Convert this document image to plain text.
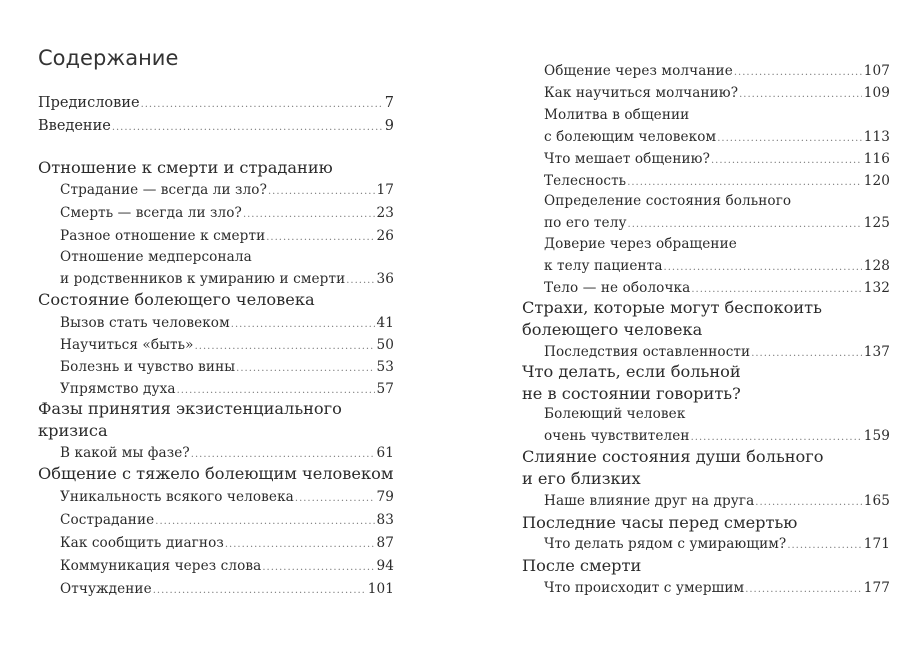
Содержание
Предисловие .....	7
Введение .....	9
Отношение к смерти и страданию
Страдание — всегда ли зло? .....	17
Смерть — всегда ли зло? .....	23
Разное отношение к смерти .....	26
Отношение медперсонала
и родственников к умиранию и смерти ..... 36
Состояние болеющего человека
Вызов стать человеком .....	41
Научиться «быть» .....	50
Болезнь и чувство вины .....	53
Упрямство духа .....	57
Фазы принятия экзистенциального
кризиса
В какой мы фазе? .....	61
Общение с тяжело болеющим человеком
Уникальность всякого человека .....	79
Сострадание .....	83
Как сообщить диагноз .....	87
Коммуникация через слова .....	94
Отчуждение .....	101
Общение через молчание .....	107
Как научиться молчанию? .....	109
Молитва в общении
с болеющим человеком .....	113
Что мешает общению? .....	116
Телесность .....	120
Определение состояния больного
по его телу .....	125
Доверие через обращение
к телу пациента .....	128
Тело — не оболочка .....	132
Страхи, которые могут беспокоить
болеющего человека
Последствия оставленности .....	137
Что делать, если больной
не в состоянии говорить?
Болеющий человек
очень чувствителен .....	159
Слияние состояния души больного
и его близких
Наше влияние друг на друга .....	165
Последние часы перед смертью
Что делать рядом с умирающим? .....	171
После смерти
Что происходит с умершим .....	177
